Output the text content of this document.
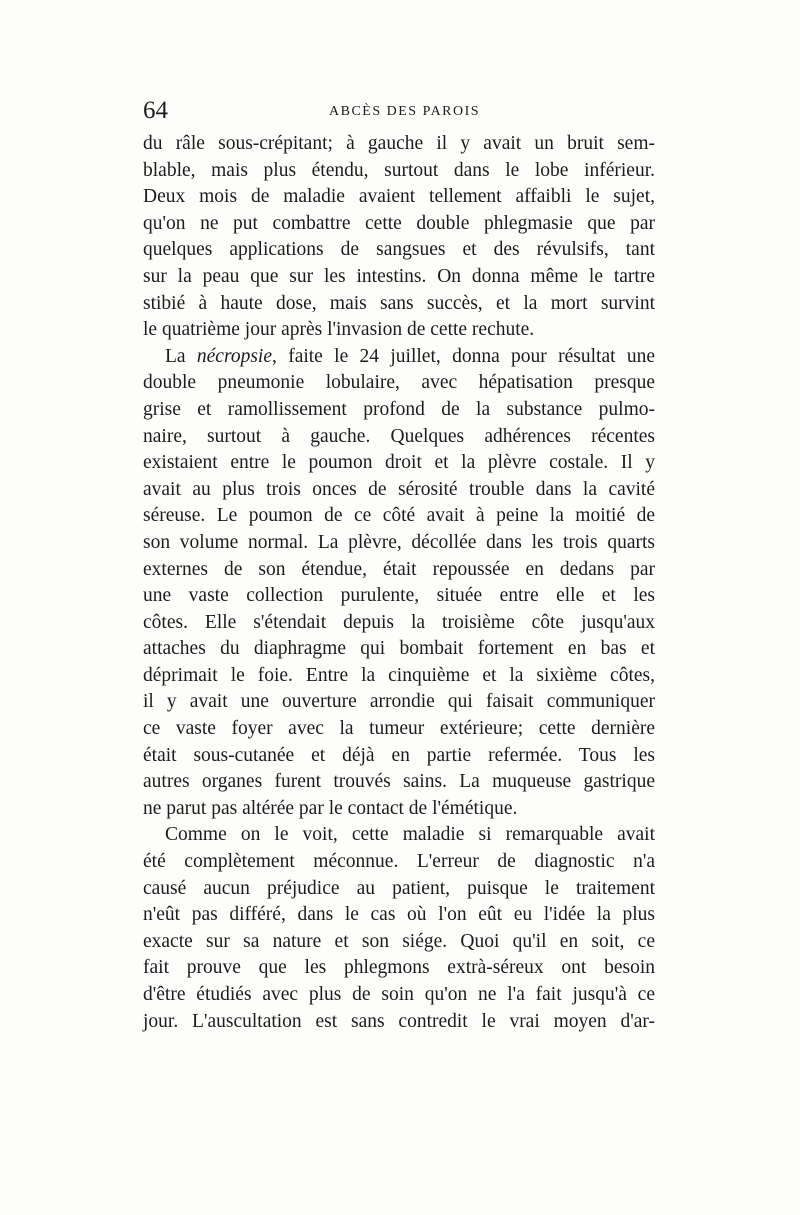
64	ABCÈS DES PAROIS
du râle sous-crépitant; à gauche il y avait un bruit sem-
blable, mais plus étendu, surtout dans le lobe inférieur.
Deux mois de maladie avaient tellement affaibli le sujet,
qu'on ne put combattre cette double phlegmasie que par
quelques applications de sangsues et des révulsifs, tant
sur la peau que sur les intestins. On donna même le tartre
stibié à haute dose, mais sans succès, et la mort survint
le quatrième jour après l'invasion de cette rechute.
La nécropsie, faite le 24 juillet, donna pour résultat une
double pneumonie lobulaire, avec hépatisation presque
grise et ramollissement profond de la substance pulmo-
naire, surtout à gauche. Quelques adhérences récentes
existaient entre le poumon droit et la plèvre costale. Il y
avait au plus trois onces de sérosité trouble dans la cavité
séreuse. Le poumon de ce côté avait à peine la moitié de
son volume normal. La plèvre, décollée dans les trois quarts
externes de son étendue, était repoussée en dedans par
une vaste collection purulente, située entre elle et les
côtes. Elle s'étendait depuis la troisième côte jusqu'aux
attaches du diaphragme qui bombait fortement en bas et
déprimait le foie. Entre la cinquième et la sixième côtes,
il y avait une ouverture arrondie qui faisait communiquer
ce vaste foyer avec la tumeur extérieure; cette dernière
était sous-cutanée et déjà en partie refermée. Tous les
autres organes furent trouvés sains. La muqueuse gastrique
ne parut pas altérée par le contact de l'émétique.
Comme on le voit, cette maladie si remarquable avait
été complètement méconnue. L'erreur de diagnostic n'a
causé aucun préjudice au patient, puisque le traitement
n'eût pas différé, dans le cas où l'on eût eu l'idée la plus
exacte sur sa nature et son siége. Quoi qu'il en soit, ce
fait prouve que les phlegmons extrà-séreux ont besoin
d'être étudiés avec plus de soin qu'on ne l'a fait jusqu'à ce
jour. L'auscultation est sans contredit le vrai moyen d'ar-
